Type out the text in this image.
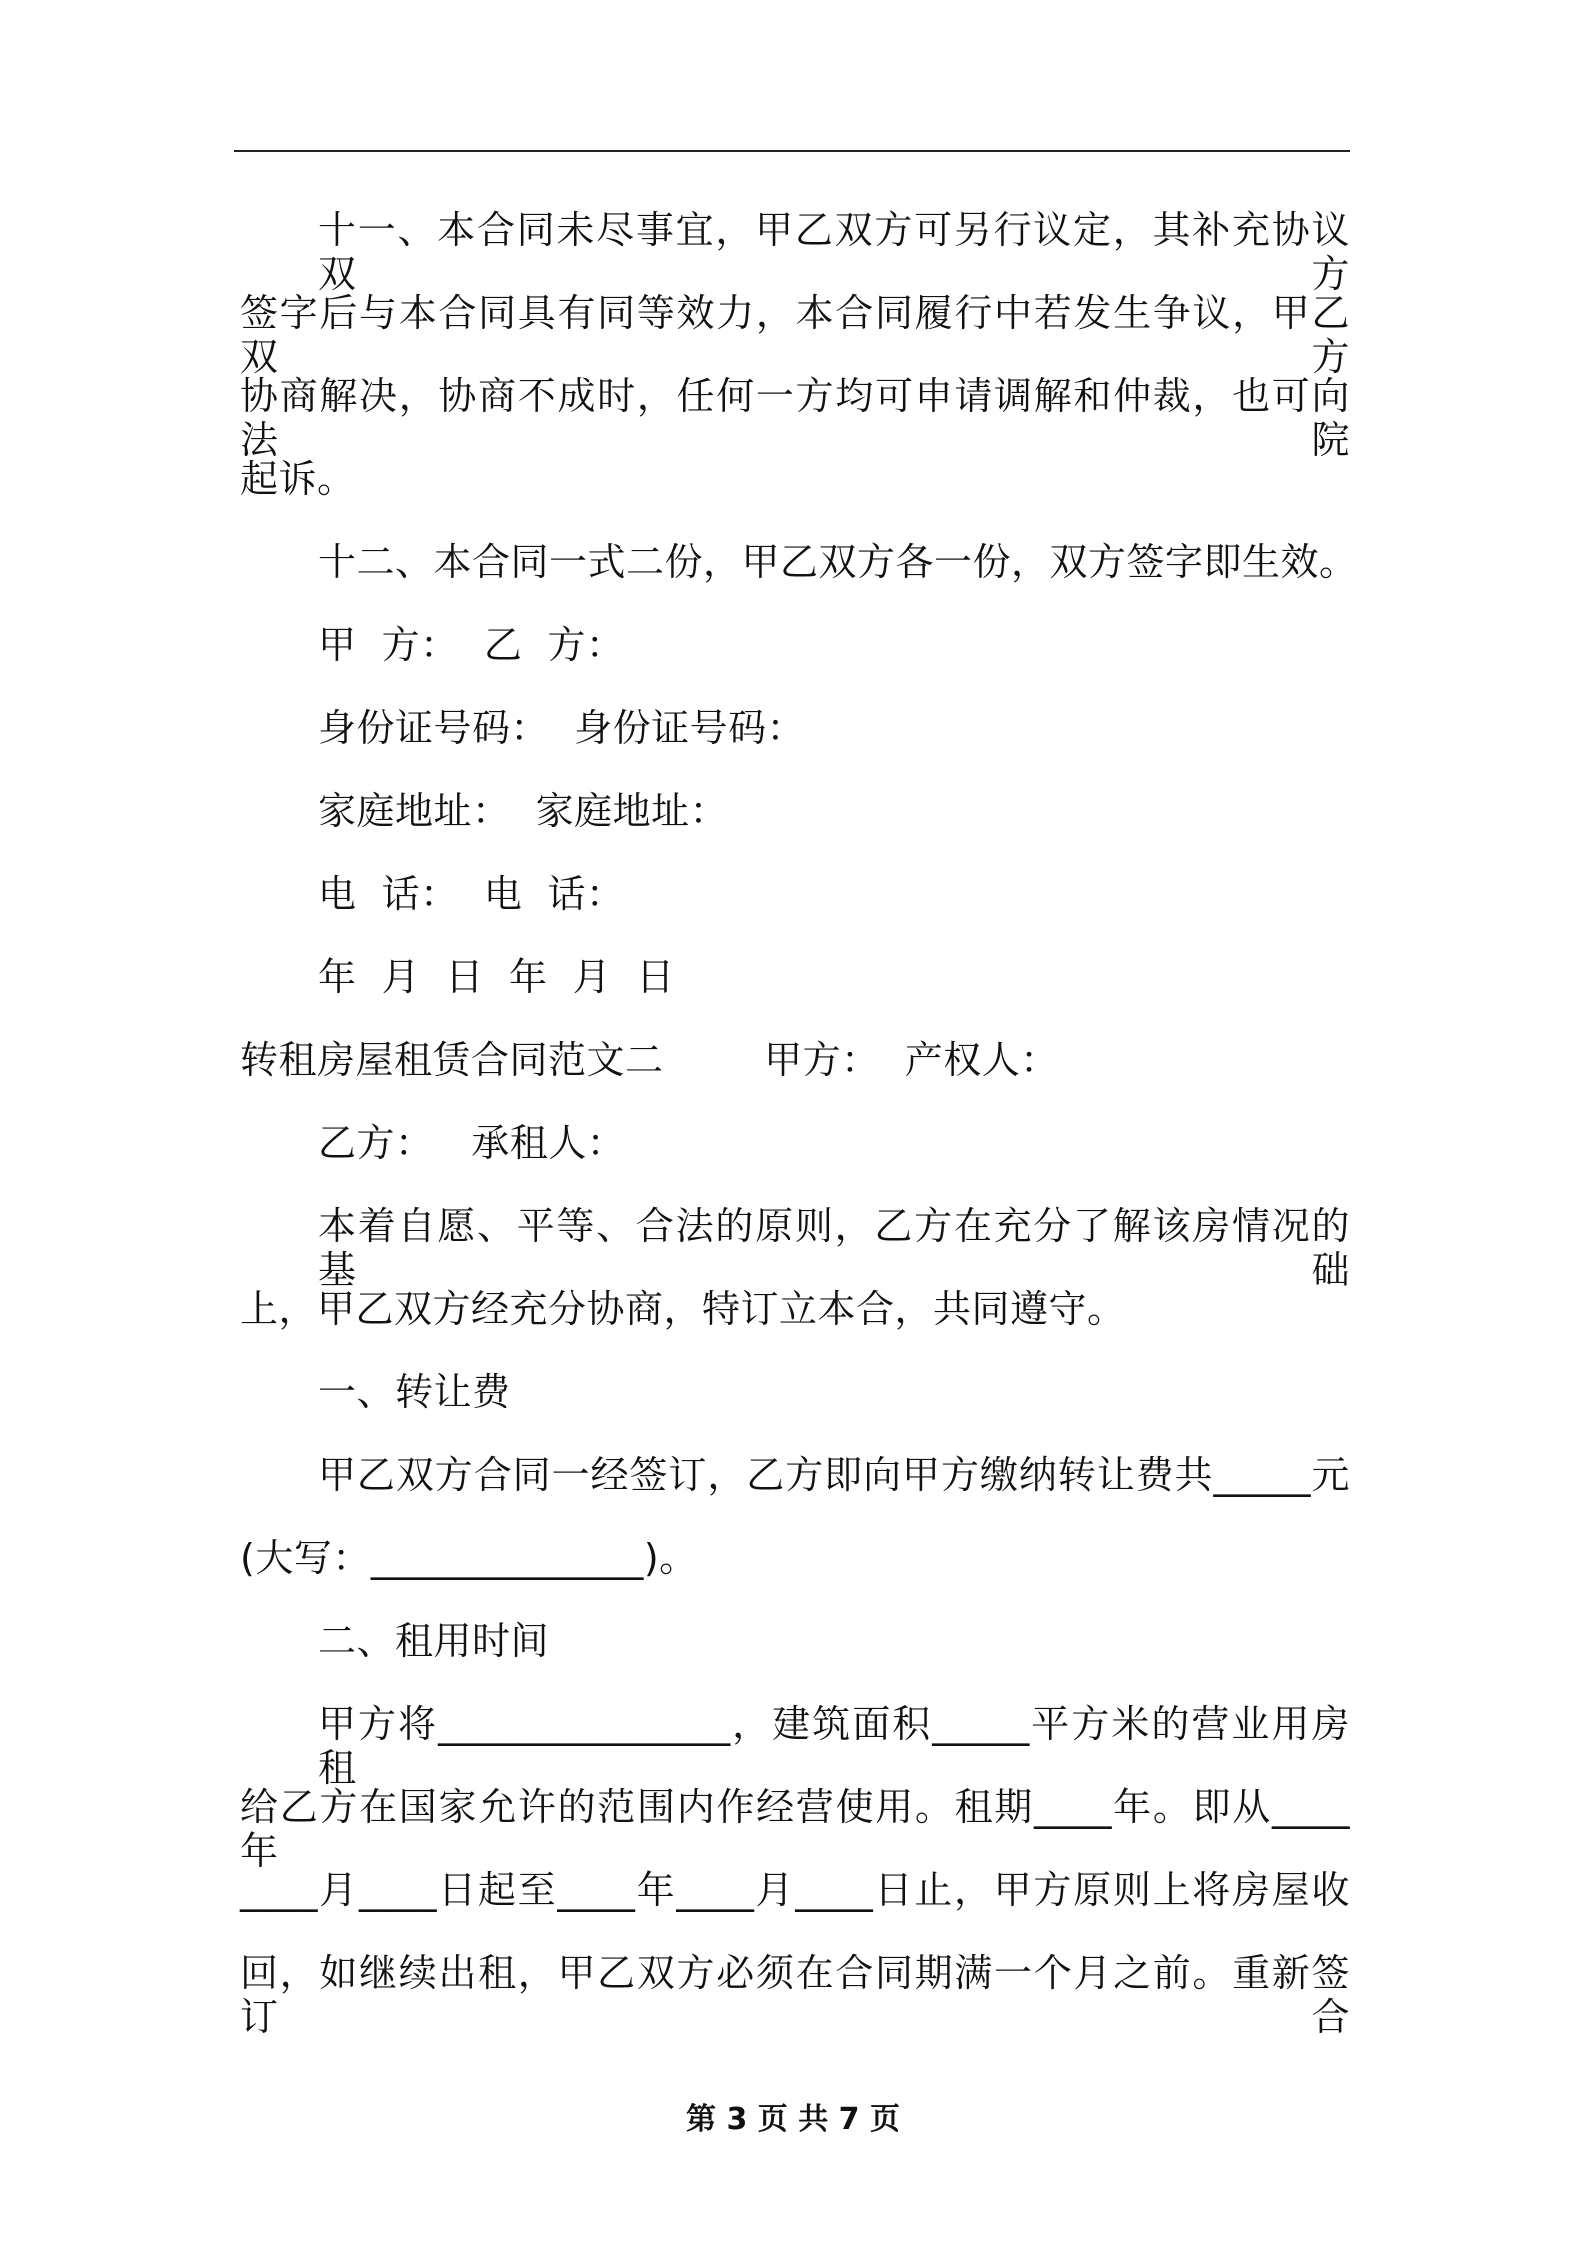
十一、本合同未尽事宜，甲乙双方可另行议定，其补充协议双方
签字后与本合同具有同等效力，本合同履行中若发生争议，甲乙双方
协商解决，协商不成时，任何一方均可申请调解和仲裁，也可向法院
起诉。
十二、本合同一式二份，甲乙双方各一份，双方签字即生效。
甲  方：  乙  方：
身份证号码：  身份证号码：
家庭地址：  家庭地址：
电  话：  电  话：
年  月  日  年  月  日
转租房屋租赁合同范文二        甲方：  产权人：
乙方：   承租人：
本着自愿、平等、合法的原则，乙方在充分了解该房情况的基础
上，甲乙双方经充分协商，特订立本合，共同遵守。
一、转让费
甲乙双方合同一经签订，乙方即向甲方缴纳转让费共_____元
(大写：______________)。
二、租用时间
甲方将_______________，建筑面积_____平方米的营业用房租
给乙方在国家允许的范围内作经营使用。租期____年。即从____年
____月____日起至____年____月____日止，甲方原则上将房屋收
回，如继续出租，甲乙双方必须在合同期满一个月之前。重新签订合
第 3 页 共 7 页
